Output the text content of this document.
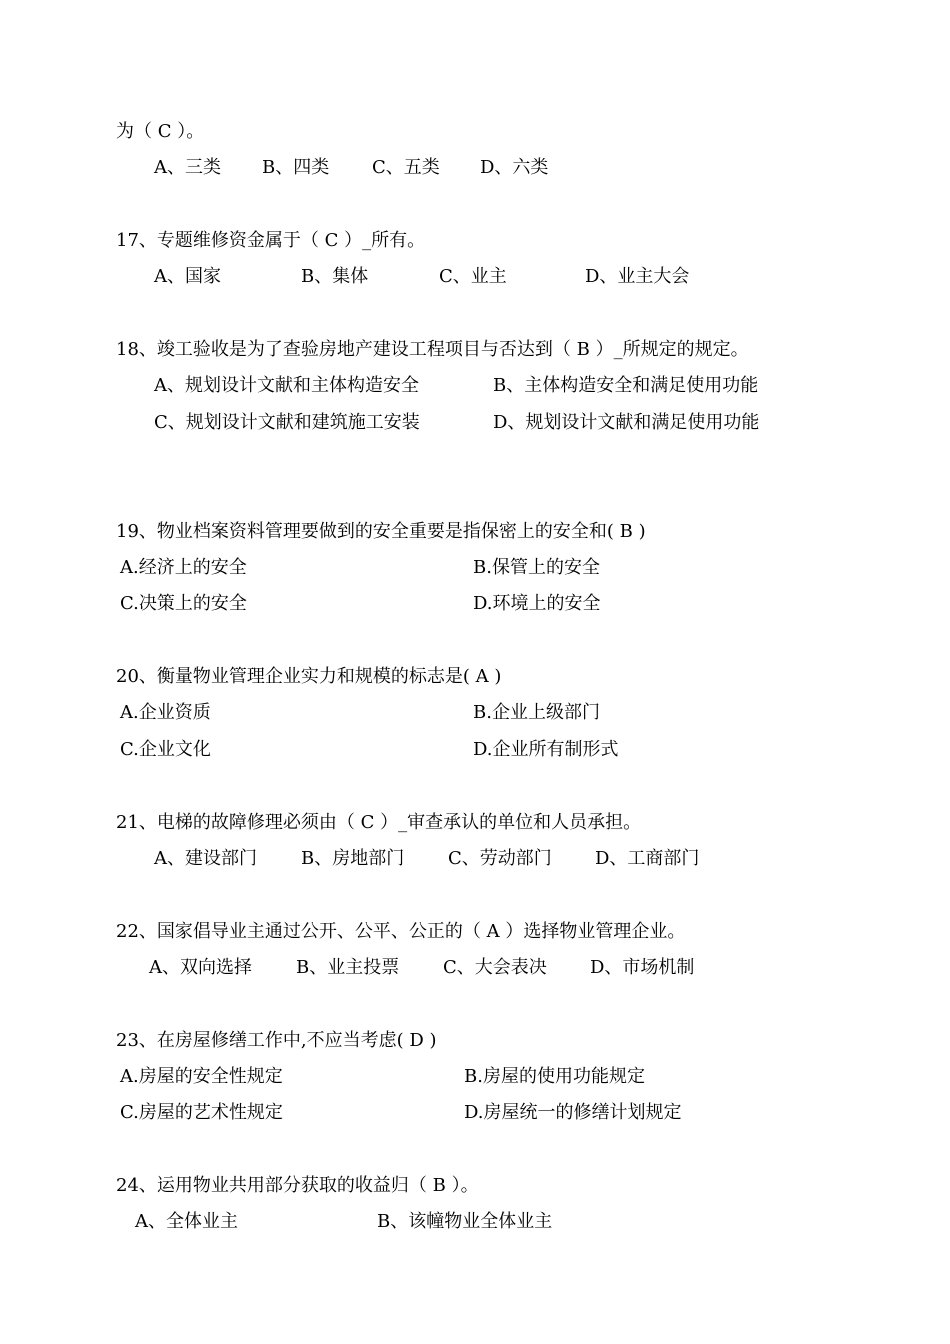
为（ C ）。
A、三类 B、四类 C、五类 D、六类
17、专题维修资金属于（ C ）_所有。
A、国家	B、集体	C、业主	D、业主大会
18、竣工验收是为了查验房地产建设工程项目与否达到（ B ）_所规定的规定。
A、规划设计文献和主体构造安全	B、主体构造安全和满足使用功能
C、规划设计文献和建筑施工安装	D、规划设计文献和满足使用功能
19、物业档案资料管理要做到的安全重要是指保密上的安全和( B )
A.经济上的安全	B.保管上的安全
C.决策上的安全	D.环境上的安全
20、衡量物业管理企业实力和规模的标志是( A )
A.企业资质	B.企业上级部门
C.企业文化	D.企业所有制形式
21、电梯的故障修理必须由（ C ）_审查承认的单位和人员承担。
A、建设部门 B、房地部门 C、劳动部门 D、工商部门
22、国家倡导业主通过公开、公平、公正的（ A ）选择物业管理企业。
A、双向选择 B、业主投票 C、大会表决 D、市场机制
23、在房屋修缮工作中,不应当考虑( D )
A.房屋的安全性规定	B.房屋的使用功能规定
C.房屋的艺术性规定	D.房屋统一的修缮计划规定
24、运用物业共用部分获取的收益归（ B ）。
A、全体业主	B、该幢物业全体业主
